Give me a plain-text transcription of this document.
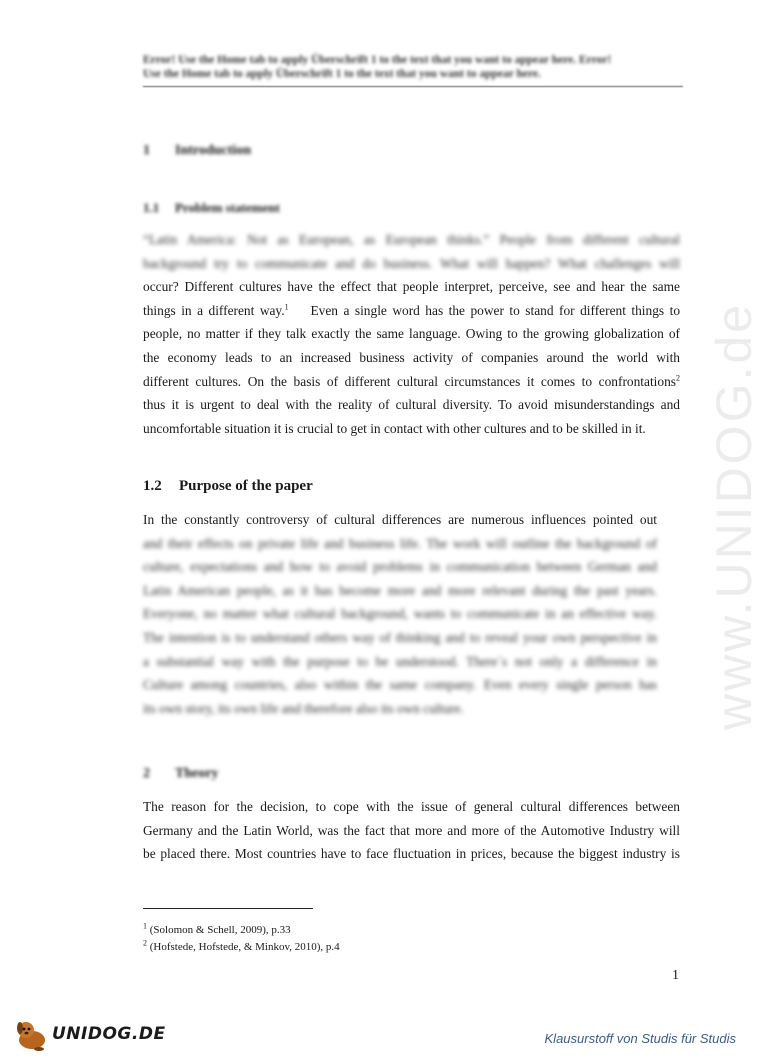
www.UNIDOG.de
Error! Use the Home tab to apply Überschrift 1 to the text that you want to appear here. Error!
Use the Home tab to apply Überschrift 1 to the text that you want to appear here.
1 Introduction
1.1 Problem statement
“Latin America: Not as European, as European thinks.” People from different cultural
background try to communicate and do business. What will happen? What challenges will
occur? Different cultures have the effect that people interpret, perceive, see and hear the same
things in a different way.$^1$ Even a single word has the power to stand for different things to
people, no matter if they talk exactly the same language. Owing to the growing globalization of
the economy leads to an increased business activity of companies around the world with
different cultures. On the basis of different cultural circumstances it comes to confrontations$^2$
thus it is urgent to deal with the reality of cultural diversity. To avoid misunderstandings and
uncomfortable situation it is crucial to get in contact with other cultures and to be skilled in it.
1.2 Purpose of the paper
In the constantly controversy of cultural differences are numerous influences pointed out
and their effects on private life and business life. The work will outline the background of
culture, expectations and how to avoid problems in communication between German and
Latin American people, as it has become more and more relevant during the past years.
Everyone, no matter what cultural background, wants to communicate in an effective way.
The intention is to understand others way of thinking and to reveal your own perspective in
a substantial way with the purpose to be understood. There´s not only a difference in
Culture among countries, also within the same company. Even every single person has
its own story, its own life and therefore also its own culture.
2 Theory
The reason for the decision, to cope with the issue of general cultural differences between
Germany and the Latin World, was the fact that more and more of the Automotive Industry will
be placed there. Most countries have to face fluctuation in prices, because the biggest industry is
$^1$ (Solomon & Schell, 2009), p.33
$^2$ (Hofstede, Hofstede, & Minkov, 2010), p.4
1
UNIDOG.DE	Klausurstoff von Studis für Studis
